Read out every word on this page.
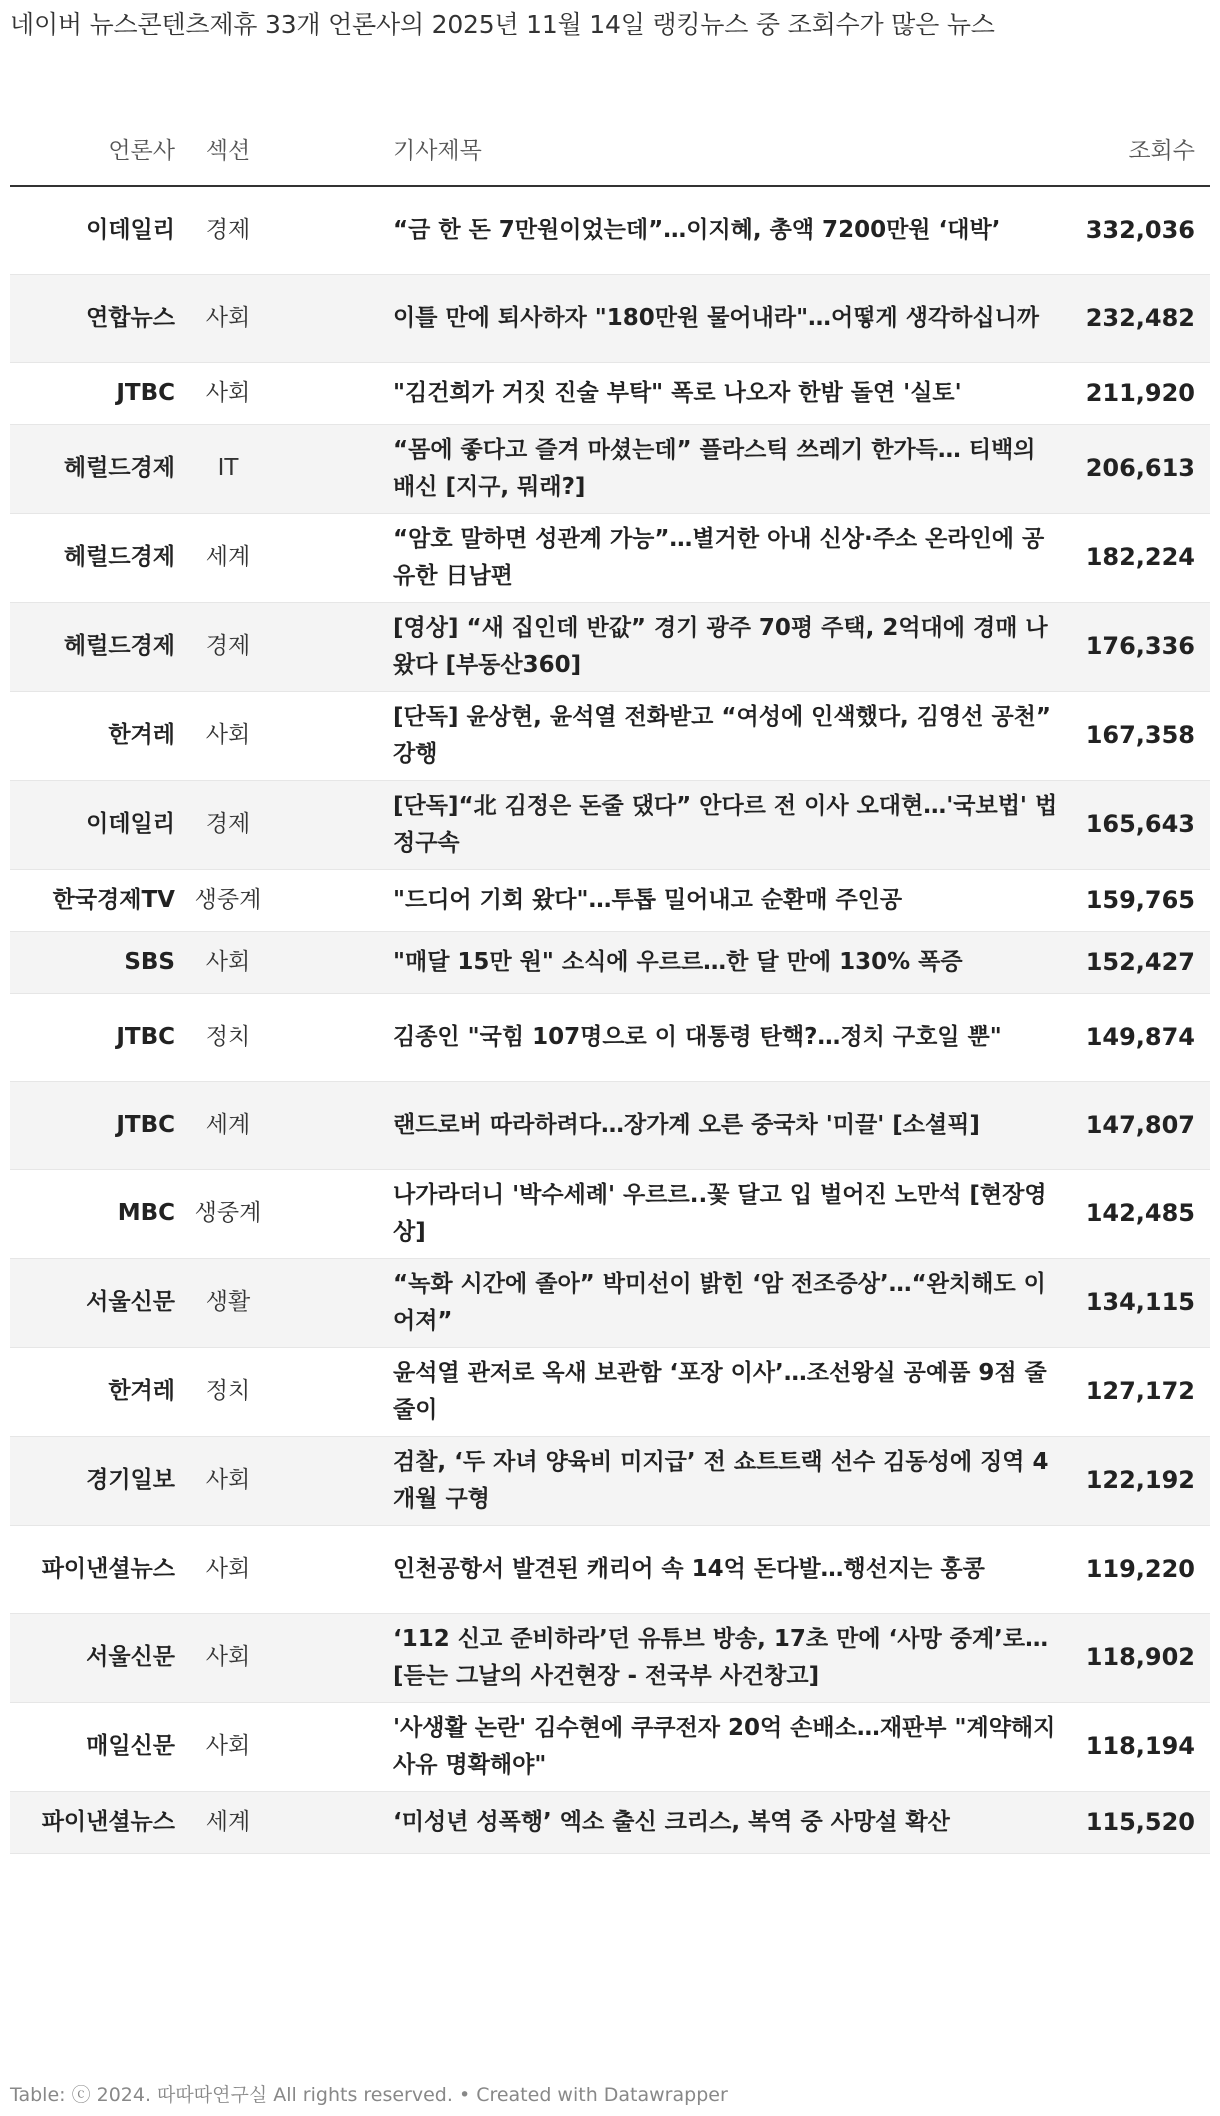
네이버 뉴스콘텐츠제휴 33개 언론사의 2025년 11월 14일 랭킹뉴스 중 조회수가 많은 뉴스
언론사	섹션	기사제목	조회수
이데일리	경제	“금 한 돈 7만원이었는데”…이지혜, 총액 7200만원 ‘대박’	332,036
연합뉴스	사회	이틀 만에 퇴사하자 "180만원 물어내라"…어떻게 생각하십니까	232,482
JTBC	사회	"김건희가 거짓 진술 부탁" 폭로 나오자 한밤 돌연 '실토'	211,920
헤럴드경제	IT	“몸에 좋다고 즐겨 마셨는데” 플라스틱 쓰레기 한가득… 티백의 배신 [지구, 뭐래?]	206,613
헤럴드경제	세계	“암호 말하면 성관계 가능”…별거한 아내 신상·주소 온라인에 공유한 日남편	182,224
헤럴드경제	경제	[영상] “새 집인데 반값” 경기 광주 70평 주택, 2억대에 경매 나왔다 [부동산360]	176,336
한겨레	사회	[단독] 윤상현, 윤석열 전화받고 “여성에 인색했다, 김영선 공천” 강행	167,358
이데일리	경제	[단독]“北 김정은 돈줄 댔다” 안다르 전 이사 오대현…'국보법' 법정구속	165,643
한국경제TV	생중계	"드디어 기회 왔다"…투톱 밀어내고 순환매 주인공	159,765
SBS	사회	"매달 15만 원" 소식에 우르르…한 달 만에 130% 폭증	152,427
JTBC	정치	김종인 "국힘 107명으로 이 대통령 탄핵?…정치 구호일 뿐"	149,874
JTBC	세계	랜드로버 따라하려다…장가계 오른 중국차 '미끌' [소셜픽]	147,807
MBC	생중계	나가라더니 '박수세례' 우르르..꽃 달고 입 벌어진 노만석 [현장영상]	142,485
서울신문	생활	“녹화 시간에 졸아” 박미선이 밝힌 ‘암 전조증상’…“완치해도 이어져”	134,115
한겨레	정치	윤석열 관저로 옥새 보관함 ‘포장 이사’…조선왕실 공예품 9점 줄줄이	127,172
경기일보	사회	검찰, ‘두 자녀 양육비 미지급’ 전 쇼트트랙 선수 김동성에 징역 4개월 구형	122,192
파이낸셜뉴스	사회	인천공항서 발견된 캐리어 속 14억 돈다발…행선지는 홍콩	119,220
서울신문	사회	‘112 신고 준비하라’던 유튜브 방송, 17초 만에 ‘사망 중계’로…[듣는 그날의 사건현장 - 전국부 사건창고]	118,902
매일신문	사회	'사생활 논란' 김수현에 쿠쿠전자 20억 손배소…재판부 "계약해지 사유 명확해야"	118,194
파이낸셜뉴스	세계	‘미성년 성폭행’ 엑소 출신 크리스, 복역 중 사망설 확산	115,520
Table: ⓒ 2024. 따따따연구실 All rights reserved. • Created with Datawrapper
